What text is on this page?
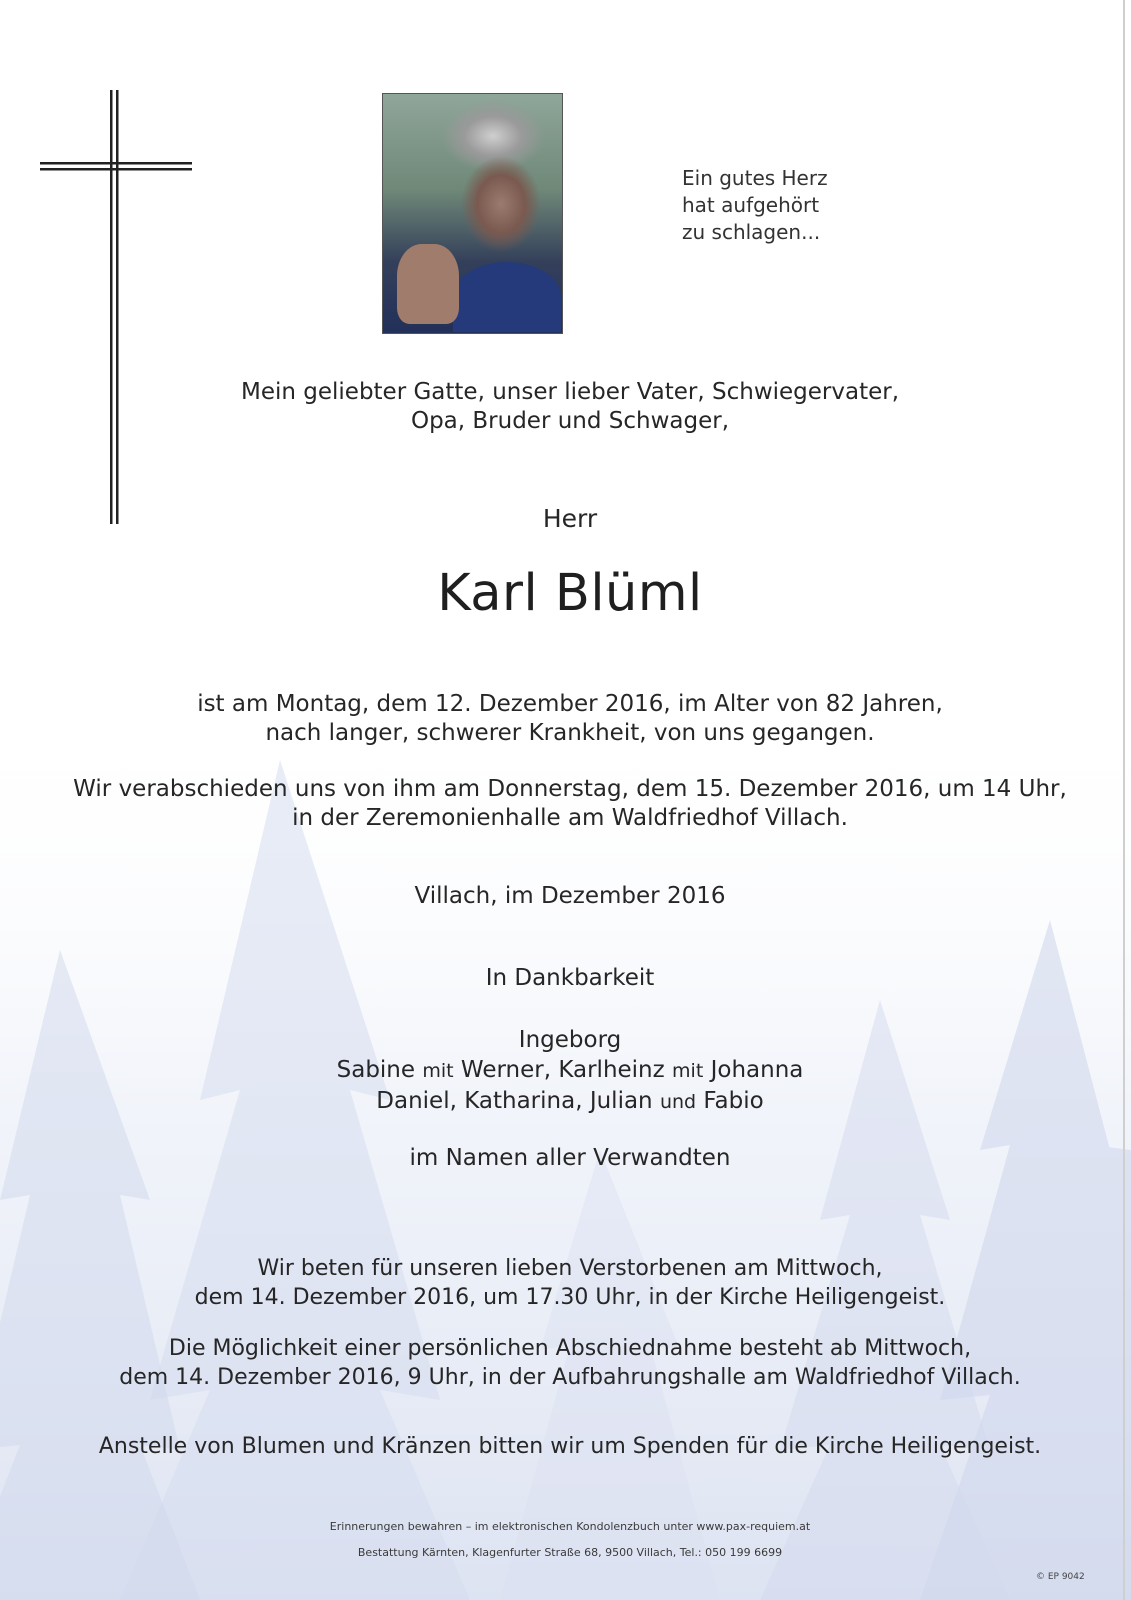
Ein gutes Herz
hat aufgehört
zu schlagen...
Mein geliebter Gatte, unser lieber Vater, Schwiegervater,
Opa, Bruder und Schwager,
Herr
Karl Blüml
ist am Montag, dem 12. Dezember 2016, im Alter von 82 Jahren,
nach langer, schwerer Krankheit, von uns gegangen.
Wir verabschieden uns von ihm am Donnerstag, dem 15. Dezember 2016, um 14 Uhr,
in der Zeremonienhalle am Waldfriedhof Villach.
Villach, im Dezember 2016
In Dankbarkeit
Ingeborg
Sabine mit Werner, Karlheinz mit Johanna
Daniel, Katharina, Julian und Fabio
im Namen aller Verwandten
Wir beten für unseren lieben Verstorbenen am Mittwoch,
dem 14. Dezember 2016, um 17.30 Uhr, in der Kirche Heiligengeist.
Die Möglichkeit einer persönlichen Abschiednahme besteht ab Mittwoch,
dem 14. Dezember 2016, 9 Uhr, in der Aufbahrungshalle am Waldfriedhof Villach.
Anstelle von Blumen und Kränzen bitten wir um Spenden für die Kirche Heiligengeist.
Erinnerungen bewahren – im elektronischen Kondolenzbuch unter www.pax-requiem.at
Bestattung Kärnten, Klagenfurter Straße 68, 9500 Villach, Tel.: 050 199 6699
© EP 9042
